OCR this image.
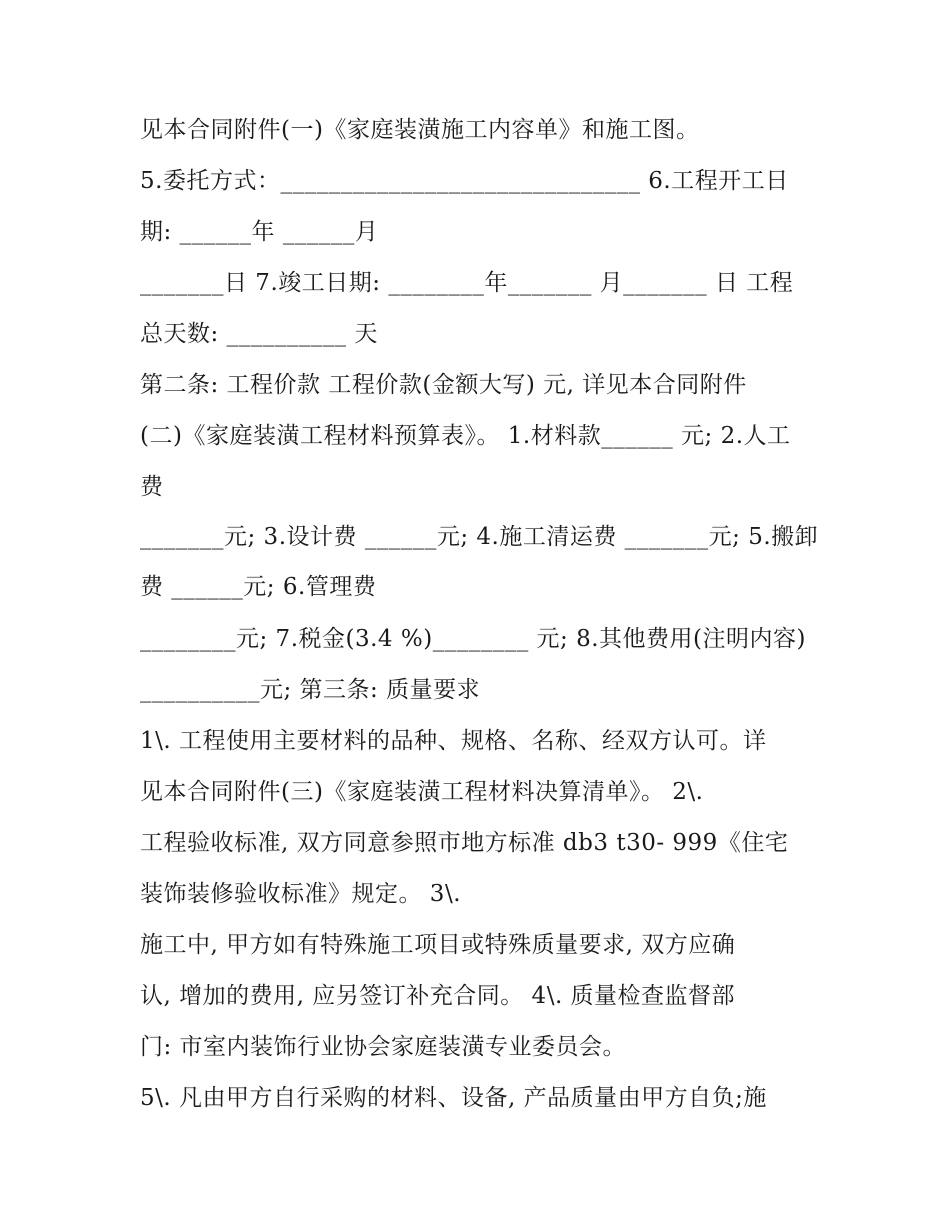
见本合同附件(一)《家庭装潢施工内容单》和施工图。
5.委托方式：______________________________ 6.工程开工日
期: ______年 ______月
_______日 7.竣工日期: ________年_______ 月_______ 日 工程
总天数: __________ 天
第二条: 工程价款 工程价款(金额大写) 元, 详见本合同附件
(二)《家庭装潢工程材料预算表》。 1.材料款______ 元; 2.人工
费
_______元; 3.设计费 ______元; 4.施工清运费 _______元; 5.搬卸
费 ______元; 6.管理费
________元; 7.税金(3.4 %)________ 元; 8.其他费用(注明内容)
__________元; 第三条: 质量要求
1\. 工程使用主要材料的品种、规格、名称、经双方认可。详
见本合同附件(三)《家庭装潢工程材料决算清单》。 2\.
工程验收标准, 双方同意参照市地方标准 db3 t30- 999《住宅
装饰装修验收标准》规定。 3\.
施工中, 甲方如有特殊施工项目或特殊质量要求, 双方应确
认, 增加的费用, 应另签订补充合同。 4\. 质量检查监督部
门: 市室内装饰行业协会家庭装潢专业委员会。
5\. 凡由甲方自行采购的材料、设备, 产品质量由甲方自负;施
